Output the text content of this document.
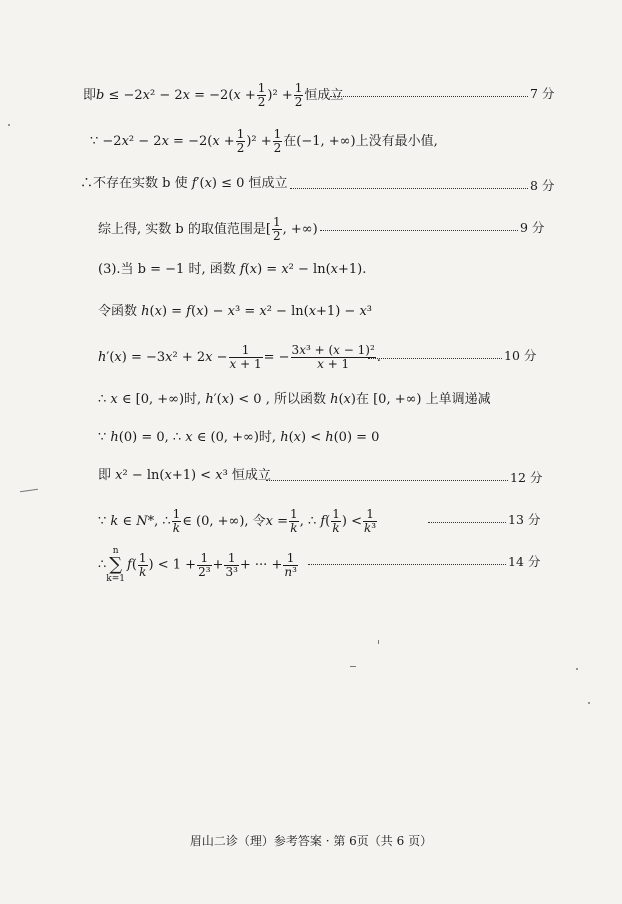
即$b \le -2x^2 - 2x = -2(x + \frac{1}{2} )^2 + \frac{1}{2}$ 恒成立	7 分
∵ $-2x^2 - 2x = -2(x + \frac{1}{2} )^2 + \frac{1}{2}$ 在(−1, +∞)上没有最小值,
∴不存在实数 b 使 f′(x) ≤ 0 恒成立	8 分
综上得, 实数 b 的取值范围是[ $\frac{1}{2}$ , +∞)	9 分
(3).当 b = −1 时, 函数 f(x) = x² − ln(x+1).
令函数 h(x) = f(x) − x³ = x² − ln(x+1) − x³
$h'(x) = -3x^2 + 2x - \frac{1}{x + 1}$ = − $\frac{\text{3x³ + (x − 1)²}}{x + 1}$ .	10 分
∴ x ∈ [0, +∞)时, h′(x) < 0 , 所以函数 h(x)在 [0, +∞) 上单调递减
∵ h(0) = 0, ∴ x ∈ (0, +∞)时, h(x) < h(0) = 0
即 x² − ln(x+1) < x³ 恒成立	12 分
∵ k ∈ N*, ∴ $\frac{1}{k}$ ∈ (0, +∞), 令$x = \frac{1}{k}$ , ∴ $f( \frac{1}{k}$ ) < $\frac{1}{\text{k³}}$	13 分
∴n
∑
$k=1f( \frac{1}{k}$ ) < $1 + \frac{1}{\text{2³}} + \frac{1}{\text{3³}}$ + ··· + $\frac{1}{\text{n³}}$	14 分
眉山二诊（理）参考答案 · 第 6页（共 6 页）
